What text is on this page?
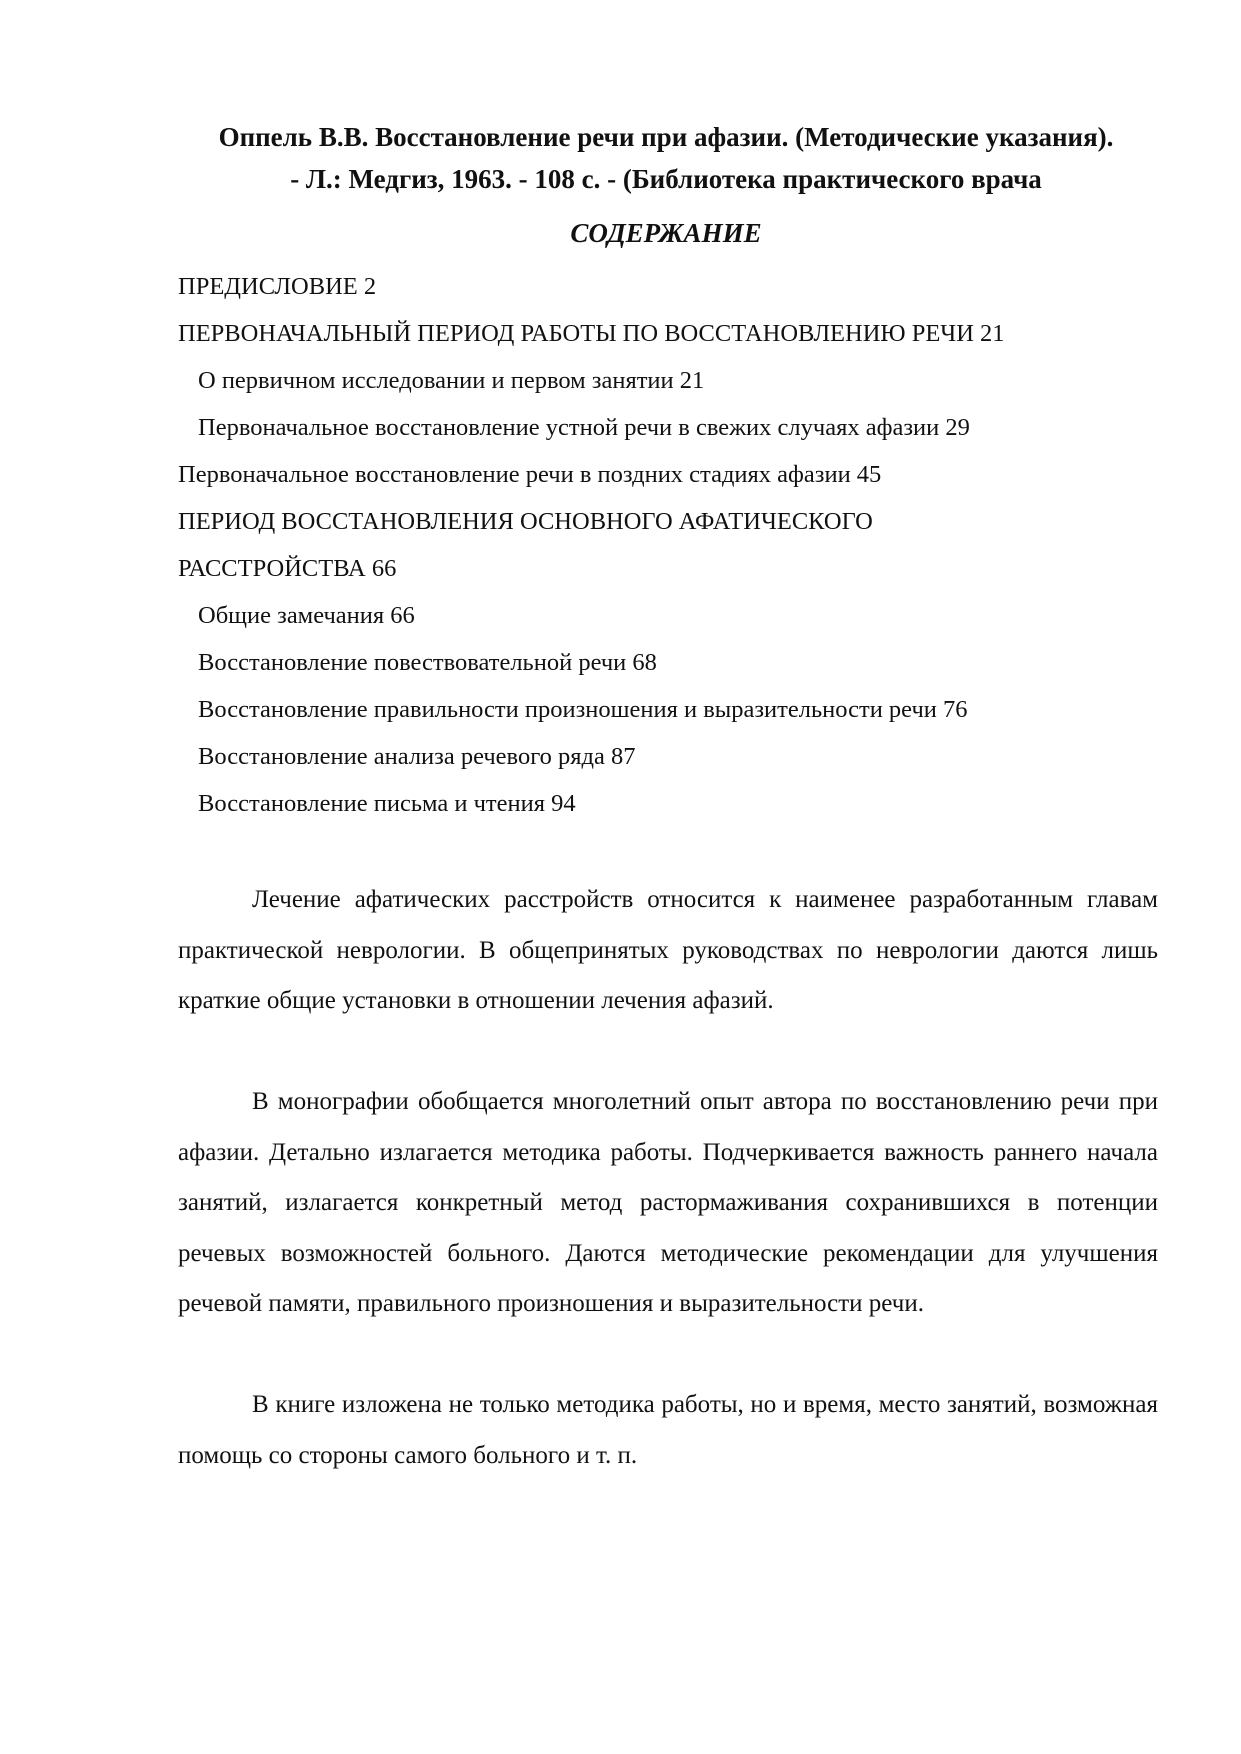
Оппель В.В. Восстановление речи при афазии. (Методические указания).
- Л.: Медгиз, 1963. - 108 с. - (Библиотека практического врача
СОДЕРЖАНИЕ
ПРЕДИСЛОВИЕ 2
ПЕРВОНАЧАЛЬНЫЙ ПЕРИОД РАБОТЫ ПО ВОССТАНОВЛЕНИЮ РЕЧИ 21
О первичном исследовании и первом занятии 21
Первоначальное восстановление устной речи в свежих случаях афазии 29
Первоначальное восстановление речи в поздних стадиях афазии 45
ПЕРИОД ВОССТАНОВЛЕНИЯ ОСНОВНОГО АФАТИЧЕСКОГО
РАССТРОЙСТВА 66
Общие замечания 66
Восстановление повествовательной речи 68
Восстановление правильности произношения и выразительности речи 76
Восстановление анализа речевого ряда 87
Восстановление письма и чтения 94

Лечение афатических расстройств относится к наименее разработанным главам практической неврологии. В общепринятых руководствах по неврологии даются лишь краткие общие установки в отношении лечения афазий.

В монографии обобщается многолетний опыт автора по восстановлению речи при афазии. Детально излагается методика работы. Подчеркивается важность раннего начала занятий, излагается конкретный метод растормаживания сохранившихся в потенции речевых возможностей больного. Даются методические рекомендации для улучшения речевой памяти, правильного произношения и выразительности речи.

В книге изложена не только методика работы, но и время, место занятий, возможная помощь со стороны самого больного и т. п.
